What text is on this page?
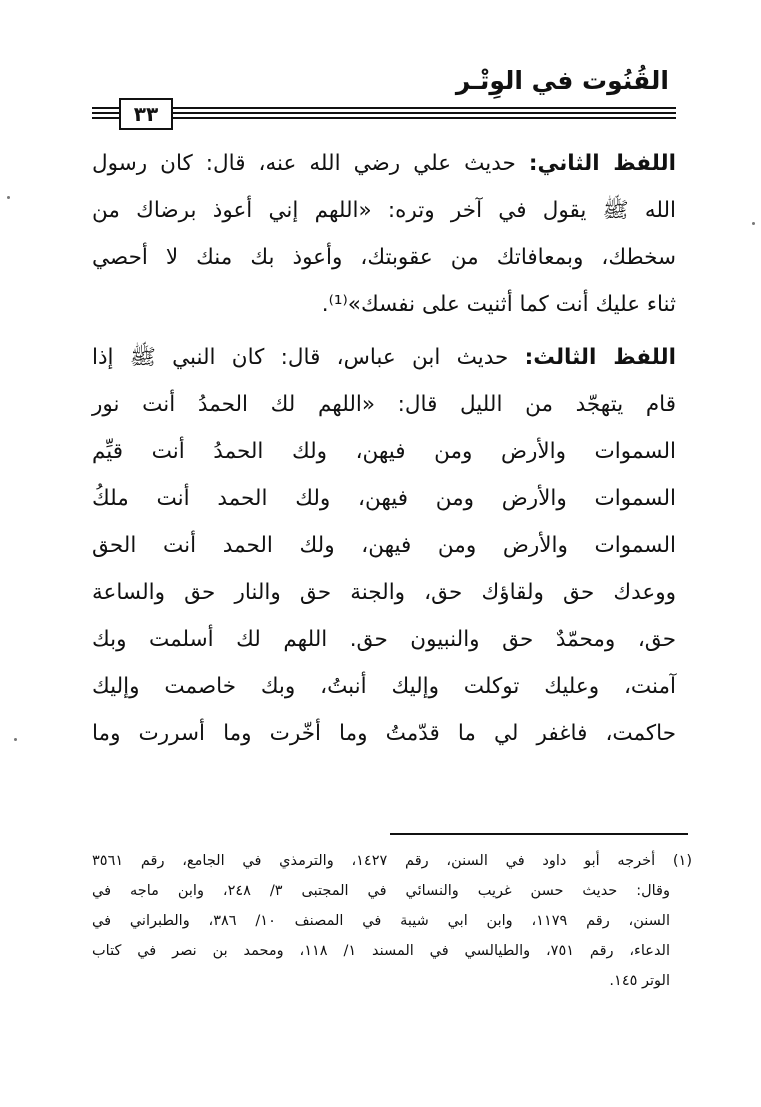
القُنُوت في الوِتْـر
٣٣
اللفظ الثاني: حديث علي رضي الله عنه، قال: كان رسول
الله ﷺ يقول في آخر وتره: «اللهم إني أعوذ برضاك من
سخطك، وبمعافاتك من عقوبتك، وأعوذ بك منك لا أحصي
ثناء عليك أنت كما أثنيت على نفسك»⁽¹⁾.
اللفظ الثالث: حديث ابن عباس، قال: كان النبي ﷺ إذا
قام يتهجّد من الليل قال: «اللهم لك الحمدُ أنت نور
السموات والأرض ومن فيهن، ولك الحمدُ أنت قيِّم
السموات والأرض ومن فيهن، ولك الحمد أنت ملكُ
السموات والأرض ومن فيهن، ولك الحمد أنت الحق
ووعدك حق ولقاؤك حق، والجنة حق والنار حق والساعة
حق، ومحمّدٌ حق والنبيون حق. اللهم لك أسلمت وبك
آمنت، وعليك توكلت وإليك أنبتُ، وبك خاصمت وإليك
حاكمت، فاغفر لي ما قدّمتُ وما أخّرت وما أسررت وما
(١) أخرجه أبو داود في السنن، رقم ١٤٢٧، والترمذي في الجامع، رقم ٣٥٦١
وقال: حديث حسن غريب والنسائي في المجتبى ٣/ ٢٤٨، وابن ماجه في
السنن، رقم ١١٧٩، وابن ابي شيبة في المصنف ١٠/ ٣٨٦، والطبراني في
الدعاء، رقم ٧٥١، والطيالسي في المسند ١/ ١١٨، ومحمد بن نصر في كتاب
الوتر ١٤٥.
